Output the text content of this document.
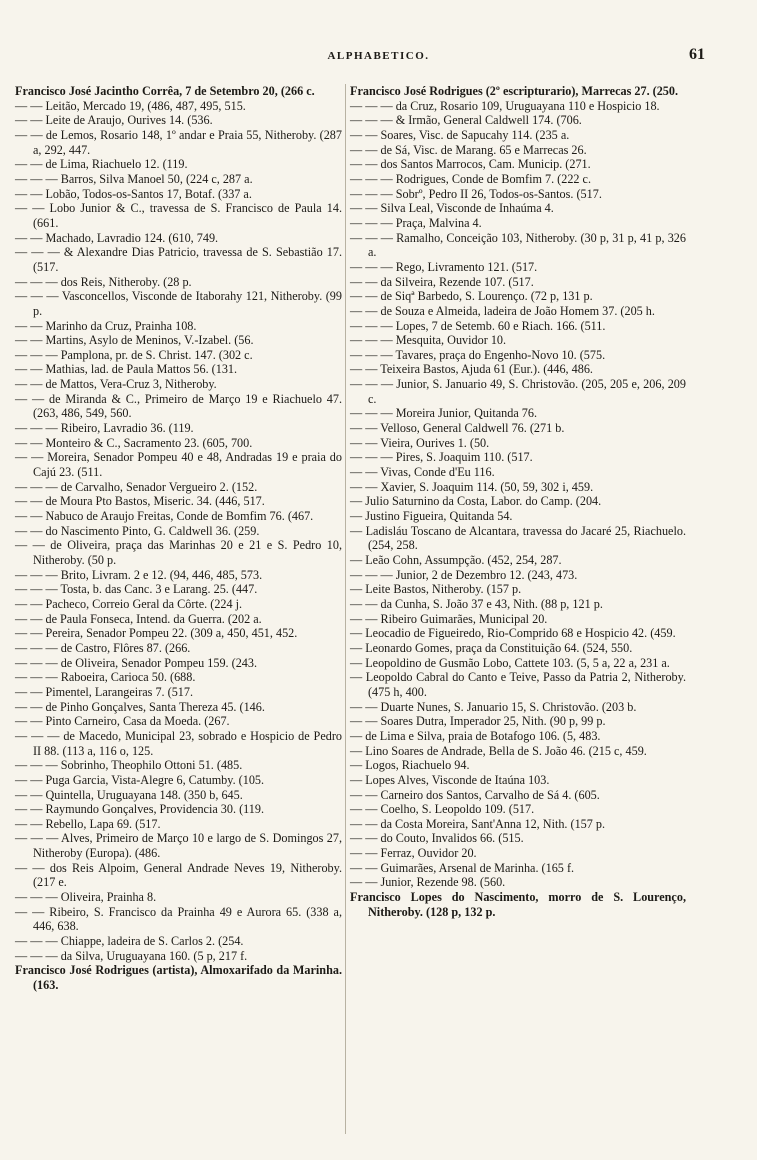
ALPHABETICO.	61

Francisco José Jacintho Corrêa, 7 de Setembro 20, (266 c.

— — Leitão, Mercado 19, (486, 487, 495, 515.

— — Leite de Araujo, Ourives 14. (536.

— — de Lemos, Rosario 148, 1º andar e Praia 55, Nitheroby. (287 a, 292, 447.

— — de Lima, Riachuelo 12. (119.

— — — Barros, Silva Manoel 50, (224 c, 287 a.

— — Lobão, Todos-os-Santos 17, Botaf. (337 a.

— — Lobo Junior & C., travessa de S. Francisco de Paula 14. (661.

— — Machado, Lavradio 124. (610, 749.

— — — & Alexandre Dias Patricio, travessa de S. Sebastião 17. (517.

— — — dos Reis, Nitheroby. (28 p.

— — — Vasconcellos, Visconde de Itaborahy 121, Nitheroby. (99 p.

— — Marinho da Cruz, Prainha 108.

— — Martins, Asylo de Meninos, V.-Izabel. (56.

— — — Pamplona, pr. de S. Christ. 147. (302 c.

— — Mathias, lad. de Paula Mattos 56. (131.

— — de Mattos, Vera-Cruz 3, Nitheroby.

— — de Miranda & C., Primeiro de Março 19 e Riachuelo 47. (263, 486, 549, 560.

— — — Ribeiro, Lavradio 36. (119.

— — Monteiro & C., Sacramento 23. (605, 700.

— — Moreira, Senador Pompeu 40 e 48, Andradas 19 e praia do Cajú 23. (511.

— — — de Carvalho, Senador Vergueiro 2. (152.

— — de Moura Pto Bastos, Miseric. 34. (446, 517.

— — Nabuco de Araujo Freitas, Conde de Bomfim 76. (467.

— — do Nascimento Pinto, G. Caldwell 36. (259.

— — de Oliveira, praça das Marinhas 20 e 21 e S. Pedro 10, Nitheroby. (50 p.

— — — Brito, Livram. 2 e 12. (94, 446, 485, 573.

— — — Tosta, b. das Canc. 3 e Larang. 25. (447.

— — Pacheco, Correio Geral da Côrte. (224 j.

— — de Paula Fonseca, Intend. da Guerra. (202 a.

— — Pereira, Senador Pompeu 22. (309 a, 450, 451, 452.

— — — de Castro, Flôres 87. (266.

— — — de Oliveira, Senador Pompeu 159. (243.

— — — Raboeira, Carioca 50. (688.

— — Pimentel, Larangeiras 7. (517.

— — de Pinho Gonçalves, Santa Thereza 45. (146.

— — Pinto Carneiro, Casa da Moeda. (267.

— — — de Macedo, Municipal 23, sobrado e Hospicio de Pedro II 88. (113 a, 116 o, 125.

— — — Sobrinho, Theophilo Ottoni 51. (485.

— — Puga Garcia, Vista-Alegre 6, Catumby. (105.

— — Quintella, Uruguayana 148. (350 b, 645.

— — Raymundo Gonçalves, Providencia 30. (119.

— — Rebello, Lapa 69. (517.

— — — Alves, Primeiro de Março 10 e largo de S. Domingos 27, Nitheroby (Europa). (486.

— — dos Reis Alpoim, General Andrade Neves 19, Nitheroby. (217 e.

— — — Oliveira, Prainha 8.

— — Ribeiro, S. Francisco da Prainha 49 e Aurora 65. (338 a, 446, 638.

— — — Chiappe, ladeira de S. Carlos 2. (254.

— — — da Silva, Uruguayana 160. (5 p, 217 f.

Francisco José Rodrigues (artista), Almoxarifado da Marinha. (163.

Francisco José Rodrigues (2º escripturario), Marrecas 27. (250.

— — — da Cruz, Rosario 109, Uruguayana 110 e Hospicio 18.

— — — & Irmão, General Caldwell 174. (706.

— — Soares, Visc. de Sapucahy 114. (235 a.

— — de Sá, Visc. de Marang. 65 e Marrecas 26.

— — dos Santos Marrocos, Cam. Municip. (271.

— — — Rodrigues, Conde de Bomfim 7. (222 c.

— — — Sobrº, Pedro II 26, Todos-os-Santos. (517.

— — Silva Leal, Visconde de Inhaúma 4.

— — — Praça, Malvina 4.

— — — Ramalho, Conceição 103, Nitheroby. (30 p, 31 p, 41 p, 326 a.

— — — Rego, Livramento 121. (517.

— — da Silveira, Rezende 107. (517.

— — de Siqª Barbedo, S. Lourenço. (72 p, 131 p.

— — de Souza e Almeida, ladeira de João Homem 37. (205 h.

— — — Lopes, 7 de Setemb. 60 e Riach. 166. (511.

— — — Mesquita, Ouvidor 10.

— — — Tavares, praça do Engenho-Novo 10. (575.

— — Teixeira Bastos, Ajuda 61 (Eur.). (446, 486.

— — — Junior, S. Januario 49, S. Christovão. (205, 205 e, 206, 209 c.

— — — Moreira Junior, Quitanda 76.

— — Velloso, General Caldwell 76. (271 b.

— — Vieira, Ourives 1. (50.

— — — Pires, S. Joaquim 110. (517.

— — Vivas, Conde d'Eu 116.

— — Xavier, S. Joaquim 114. (50, 59, 302 i, 459.

— Julio Saturnino da Costa, Labor. do Camp. (204.

— Justino Figueira, Quitanda 54.

— Ladisláu Toscano de Alcantara, travessa do Jacaré 25, Riachuelo. (254, 258.

— Leão Cohn, Assumpção. (452, 254, 287.

— — — Junior, 2 de Dezembro 12. (243, 473.

— Leite Bastos, Nitheroby. (157 p.

— — da Cunha, S. João 37 e 43, Nith. (88 p, 121 p.

— — Ribeiro Guimarães, Municipal 20.

— Leocadio de Figueiredo, Rio-Comprido 68 e Hospicio 42. (459.

— Leonardo Gomes, praça da Constituição 64. (524, 550.

— Leopoldino de Gusmão Lobo, Cattete 103. (5, 5 a, 22 a, 231 a.

— Leopoldo Cabral do Canto e Teive, Passo da Patria 2, Nitheroby. (475 h, 400.

— — Duarte Nunes, S. Januario 15, S. Christovão. (203 b.

— — Soares Dutra, Imperador 25, Nith. (90 p, 99 p.

— de Lima e Silva, praia de Botafogo 106. (5, 483.

— Lino Soares de Andrade, Bella de S. João 46. (215 c, 459.

— Logos, Riachuelo 94.

— Lopes Alves, Visconde de Itaúna 103.

— — Carneiro dos Santos, Carvalho de Sá 4. (605.

— — Coelho, S. Leopoldo 109. (517.

— — da Costa Moreira, Sant'Anna 12, Nith. (157 p.

— — do Couto, Invalidos 66. (515.

— — Ferraz, Ouvidor 20.

— — Guimarães, Arsenal de Marinha. (165 f.

— — Junior, Rezende 98. (560.

Francisco Lopes do Nascimento, morro de S. Lourenço, Nitheroby. (128 p, 132 p.
